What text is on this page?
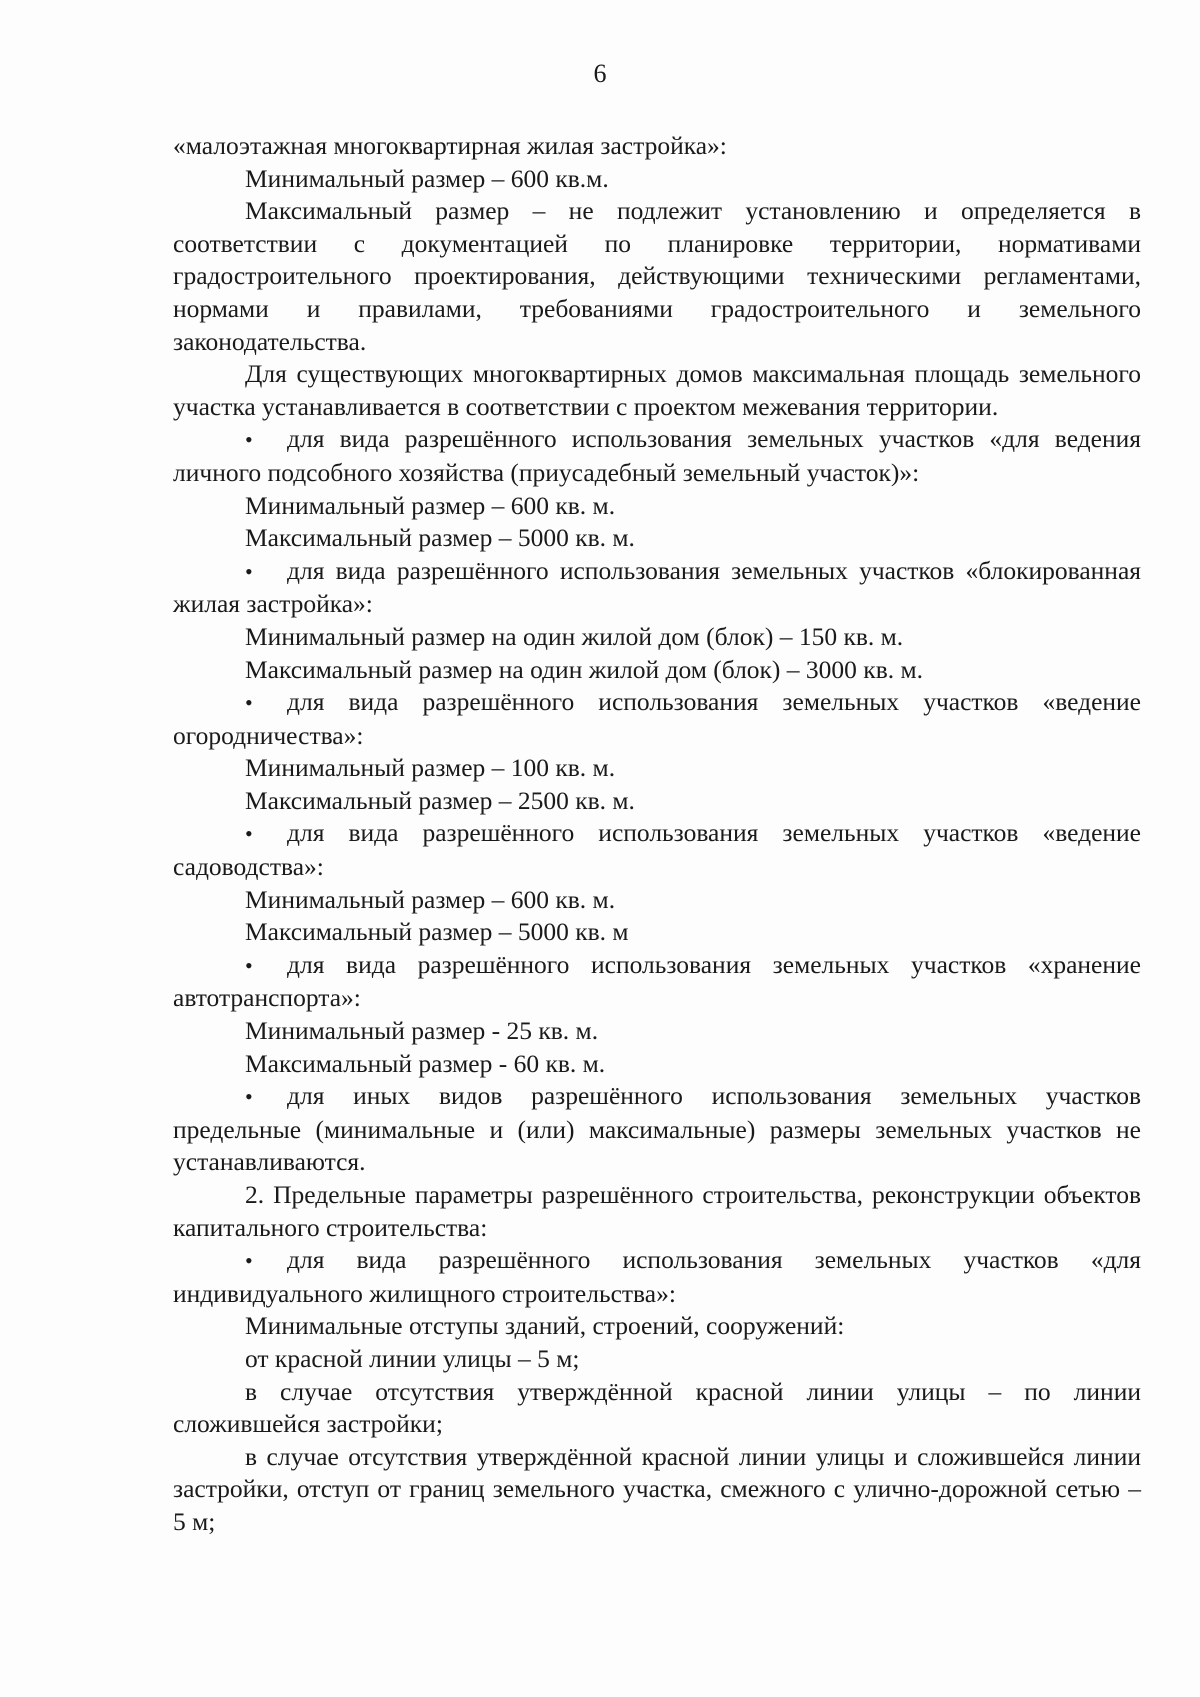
6

«малоэтажная многоквартирная жилая застройка»:

Минимальный размер – 600 кв.м.

Максимальный размер – не подлежит установлению и определяется в соответствии с документацией по планировке территории, нормативами градостроительного проектирования, действующими техническими регламентами, нормами и правилами, требованиями градостроительного и земельного законодательства.

Для существующих многоквартирных домов максимальная площадь земельного участка устанавливается в соответствии с проектом межевания территории.

• для вида разрешённого использования земельных участков «для ведения личного подсобного хозяйства (приусадебный земельный участок)»:

Минимальный размер – 600 кв. м.

Максимальный размер – 5000 кв. м.

• для вида разрешённого использования земельных участков «блокированная жилая застройка»:

Минимальный размер на один жилой дом (блок) – 150 кв. м.

Максимальный размер на один жилой дом (блок) – 3000 кв. м.

• для вида разрешённого использования земельных участков «ведение огородничества»:

Минимальный размер – 100 кв. м.

Максимальный размер – 2500 кв. м.

• для вида разрешённого использования земельных участков «ведение садоводства»:

Минимальный размер – 600 кв. м.

Максимальный размер – 5000 кв. м

• для вида разрешённого использования земельных участков «хранение автотранспорта»:

Минимальный размер - 25 кв. м.

Максимальный размер - 60 кв. м.

• для иных видов разрешённого использования земельных участков предельные (минимальные и (или) максимальные) размеры земельных участков не устанавливаются.

2. Предельные параметры разрешённого строительства, реконструкции объектов капитального строительства:

• для вида разрешённого использования земельных участков «для индивидуального жилищного строительства»:

Минимальные отступы зданий, строений, сооружений:

от красной линии улицы – 5 м;

в случае отсутствия утверждённой красной линии улицы – по линии сложившейся застройки;

в случае отсутствия утверждённой красной линии улицы и сложившейся линии застройки, отступ от границ земельного участка, смежного с улично-дорожной сетью – 5 м;
